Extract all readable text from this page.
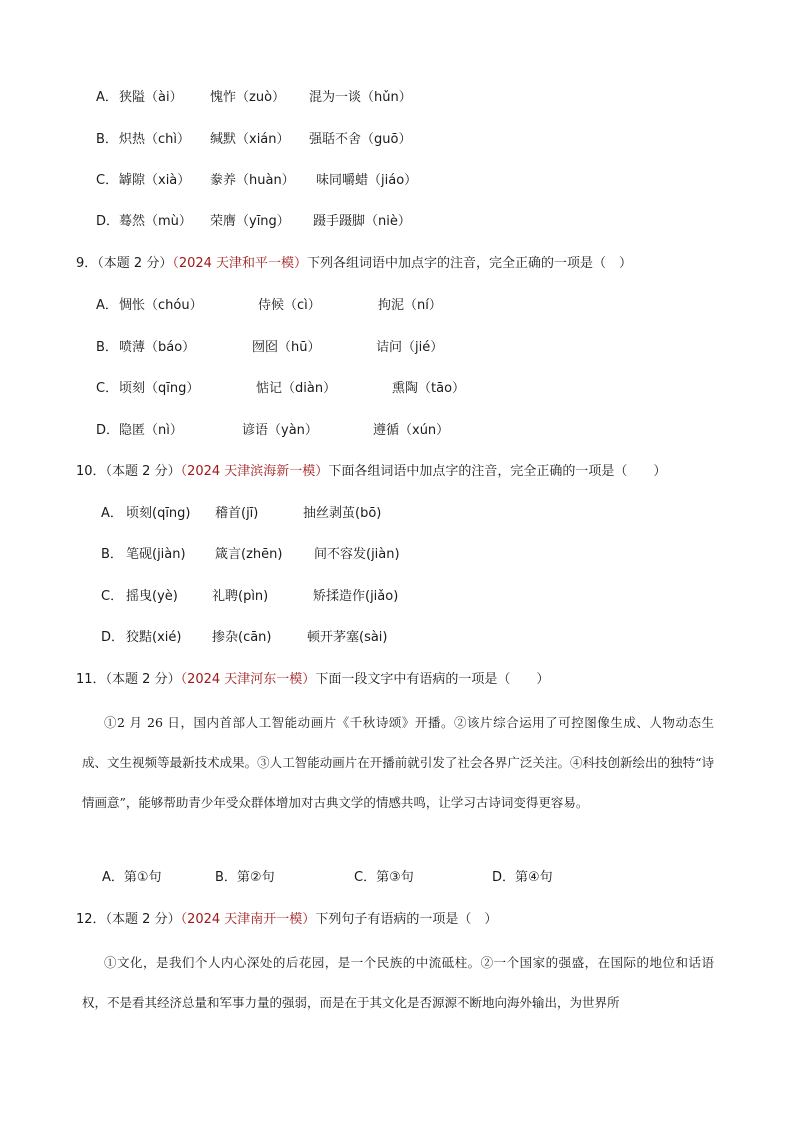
A． 狭隘（ài） 愧怍（zuò） 混为一谈（hǔn）
B． 炽热（chì） 缄默（xián） 强聒不舍（guō）
C． 罅隙（xià） 豢养（huàn） 味同嚼蜡（jiáo）
D． 蓦然（mù） 荣膺（yīng） 蹑手蹑脚（niè）
9．（本题 2 分）（2024 天津和平一模）下列各组词语中加点字的注音，完全正确的一项是（　）
A． 惆怅（chóu）	侍候（cì）	拘泥（ní）
B． 喷薄（báo）	囫囵（hū）	诘问（jié）
C． 顷刻（qīng）	惦记（diàn）	熏陶（tāo）
D． 隐匿（nì）	谚语（yàn）	遵循（xún）
10．（本题 2 分）（2024 天津滨海新一模）下面各组词语中加点字的注音，完全正确的一项是（　　）
A． 顷刻(qīng) 稽首(jī)	抽丝剥茧(bō)
B． 笔砚(jiàn) 箴言(zhēn) 间不容发(jiàn)
C． 摇曳(yè)	礼聘(pìn)	矫揉造作(jiǎo)
D． 狡黠(xié) 掺杂(cān)	顿开茅塞(sài)
11．（本题 2 分）（2024 天津河东一模）下面一段文字中有语病的一项是（　　）
①2 月 26 日，国内首部人工智能动画片《千秋诗颂》开播。②该片综合运用了可控图像生成、人物动态生成、文生视频等最新技术成果。③人工智能动画片在开播前就引发了社会各界广泛关注。④科技创新绘出的独特“诗情画意”，能够帮助青少年受众群体增加对古典文学的情感共鸣，让学习古诗词变得更容易。
A．第①句	B．第②句	C．第③句	D．第④句
12．（本题 2 分）（2024 天津南开一模）下列句子有语病的一项是（　）
①文化，是我们个人内心深处的后花园，是一个民族的中流砥柱。②一个国家的强盛，在国际的地位和话语权，不是看其经济总量和军事力量的强弱，而是在于其文化是否源源不断地向海外输出，为世界所
